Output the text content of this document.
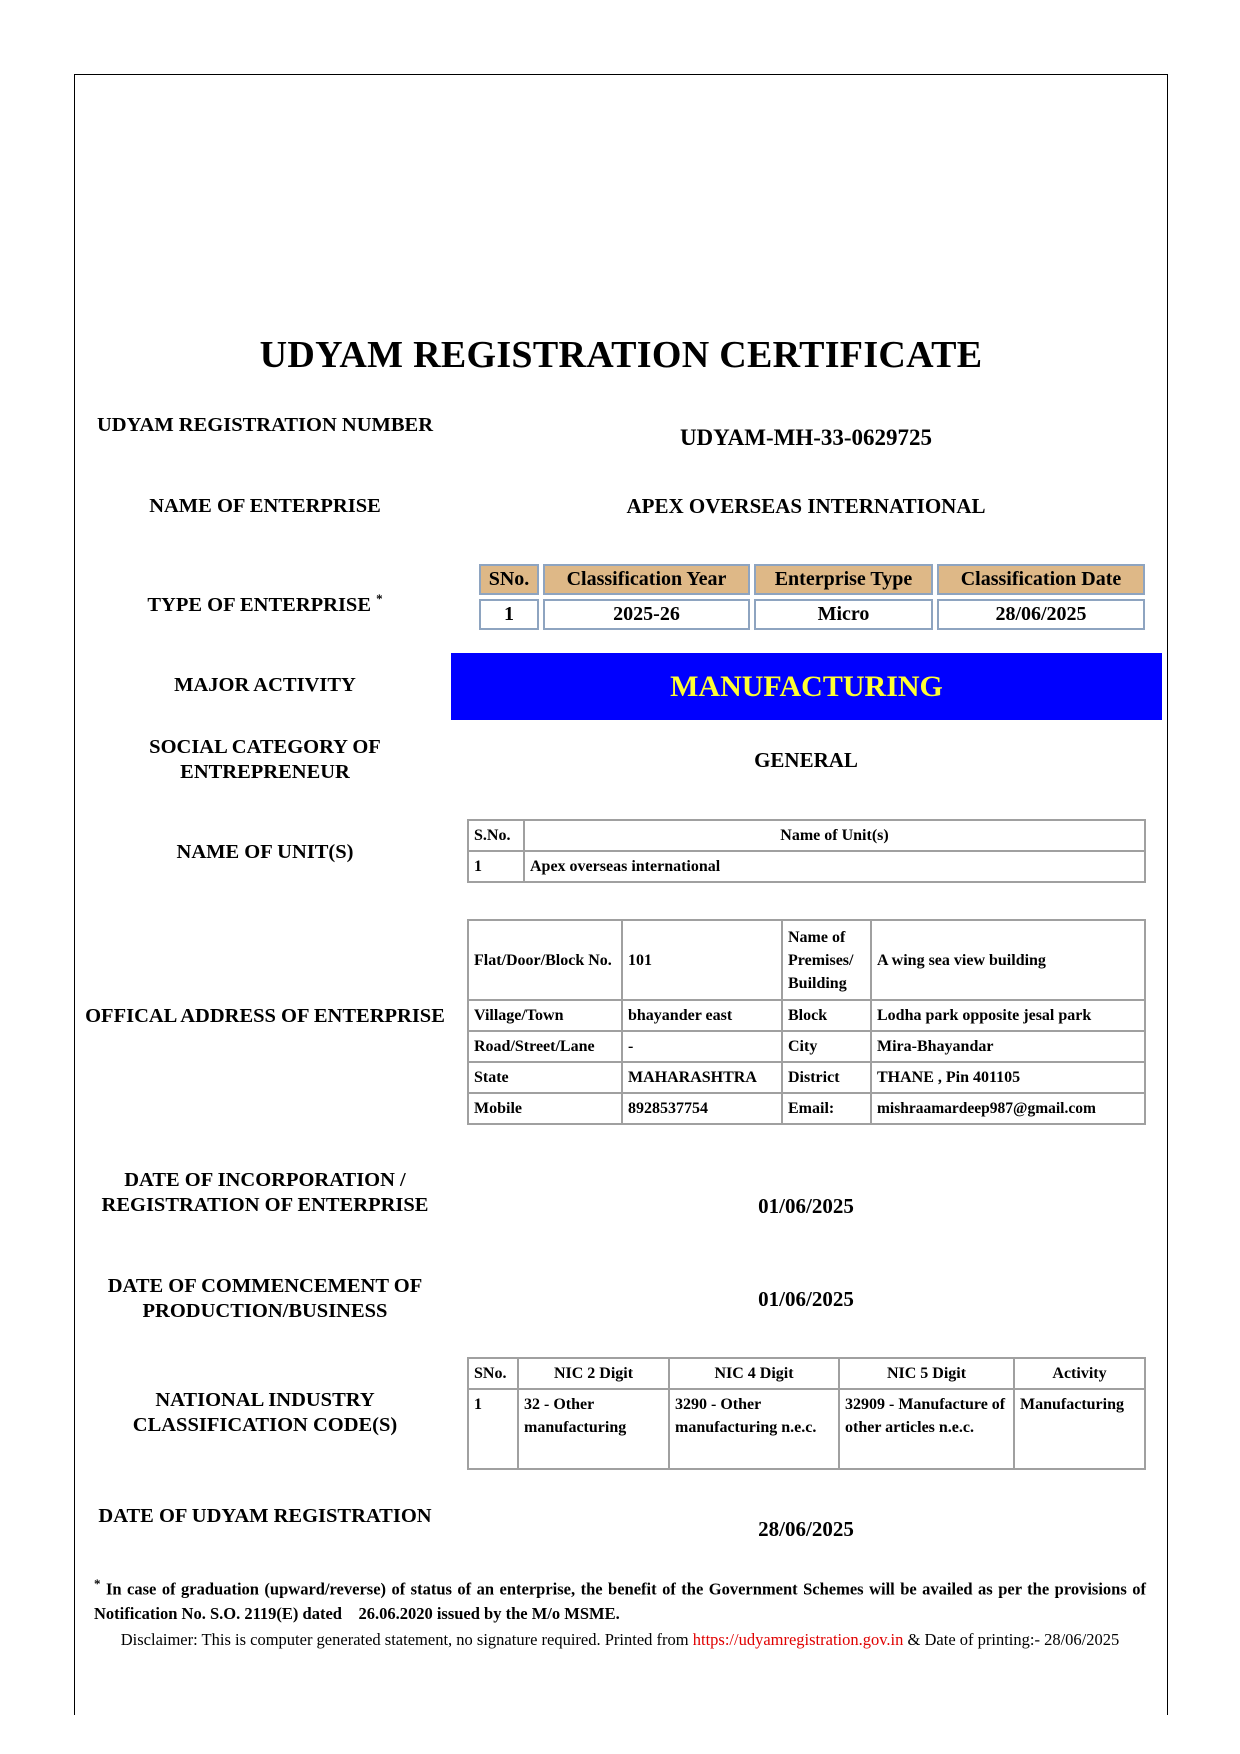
UDYAM REGISTRATION CERTIFICATE
UDYAM REGISTRATION NUMBER	UDYAM-MH-33-0629725
NAME OF ENTERPRISE	APEX OVERSEAS INTERNATIONAL
TYPE OF ENTERPRISE *
SNo.	Classification Year	Enterprise Type	Classification Date
1	2025-26	Micro	28/06/2025
MAJOR ACTIVITY	MANUFACTURING
SOCIAL CATEGORY OF ENTREPRENEUR	GENERAL
NAME OF UNIT(S)
S.No.	Name of Unit(s)
1	Apex overseas international
OFFICAL ADDRESS OF ENTERPRISE
Flat/Door/Block No.	101	Name of Premises/ Building	A wing sea view building
Village/Town	bhayander east	Block	Lodha park opposite jesal park
Road/Street/Lane	-	City	Mira-Bhayandar
State	MAHARASHTRA	District	THANE , Pin 401105
Mobile	8928537754	Email:	mishraamardeep987@gmail.com
DATE OF INCORPORATION / REGISTRATION OF ENTERPRISE	01/06/2025
DATE OF COMMENCEMENT OF PRODUCTION/BUSINESS	01/06/2025
NATIONAL INDUSTRY CLASSIFICATION CODE(S)
SNo.	NIC 2 Digit	NIC 4 Digit	NIC 5 Digit	Activity
1	32 - Other manufacturing	3290 - Other manufacturing n.e.c.	32909 - Manufacture of other articles n.e.c.	Manufacturing
DATE OF UDYAM REGISTRATION
28/06/2025
* In case of graduation (upward/reverse) of status of an enterprise, the benefit of the Government Schemes will be availed as per the provisions of Notification No. S.O. 2119(E) dated    26.06.2020 issued by the M/o MSME.
Disclaimer: This is computer generated statement, no signature required. Printed from https://udyamregistration.gov.in & Date of printing:- 28/06/2025
